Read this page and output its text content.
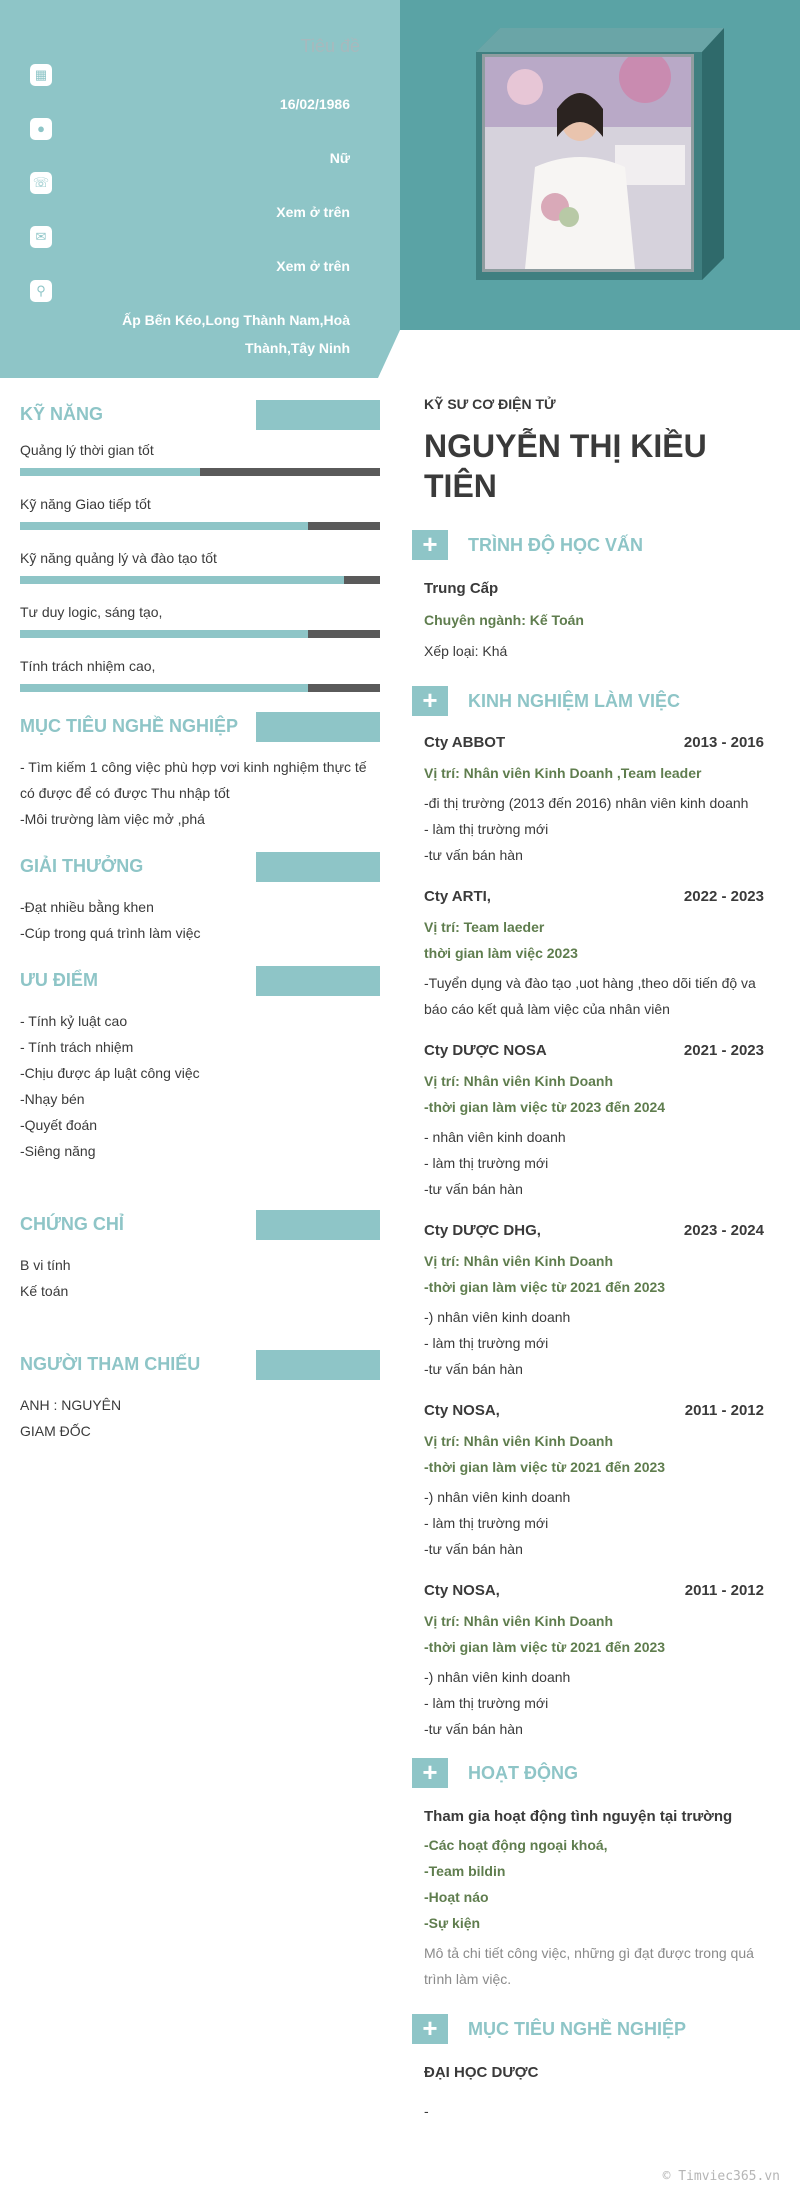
Tiêu đề
▦
16/02/1986
●
Nữ
☏
Xem ở trên
✉
Xem ở trên
⚲
Ấp Bến Kéo,Long Thành Nam,Hoà Thành,Tây Ninh
KỸ NĂNG
Quảng lý thời gian tốt
Kỹ năng Giao tiếp tốt
Kỹ năng quảng lý và đào tạo tốt
Tư duy logic, sáng tạo,
Tính trách nhiệm cao,
MỤC TIÊU NGHỀ NGHIỆP
- Tìm kiếm 1 công việc phù hợp vơi kinh nghiệm thực tế có được để có được Thu nhập tốt
-Môi trường làm việc mở ,phá
GIẢI THƯỞNG
-Đạt nhiều bằng khen
-Cúp trong quá trình làm việc
ƯU ĐIỂM
- Tính kỷ luật cao
- Tính trách nhiệm
-Chịu được áp luật công việc
-Nhạy bén
-Quyết đoán
-Siêng năng
CHỨNG CHỈ
B vi tính
Kế toán
NGƯỜI THAM CHIẾU
ANH : NGUYÊN
GIAM ĐỐC
KỸ SƯ CƠ ĐIỆN TỬ
NGUYỄN THỊ KIỀU TIÊN
+	TRÌNH ĐỘ HỌC VẤN
Trung Cấp
Chuyên ngành: Kế Toán
Xếp loại: Khá
+	KINH NGHIỆM LÀM VIỆC
Cty ABBOT	2013 - 2016
Vị trí: Nhân viên Kinh Doanh ,Team leader
-đi thị trường (2013 đến 2016) nhân viên kinh doanh
- làm thị trường mới
-tư vấn bán hàn
Cty ARTI,	2022 - 2023
Vị trí: Team laeder
thời gian làm việc 2023
-Tuyển dụng và đào tạo ,uot hàng ,theo dõi tiến độ va báo cáo kết quả làm việc của nhân viên
Cty DƯỢC NOSA	2021 - 2023
Vị trí: Nhân viên Kinh Doanh
-thời gian làm việc từ 2023 đến 2024
- nhân viên kinh doanh
- làm thị trường mới
-tư vấn bán hàn
Cty DƯỢC DHG,	2023 - 2024
Vị trí: Nhân viên Kinh Doanh
-thời gian làm việc từ 2021 đến 2023
-) nhân viên kinh doanh
- làm thị trường mới
-tư vấn bán hàn
Cty NOSA,	2011 - 2012
Vị trí: Nhân viên Kinh Doanh
-thời gian làm việc từ 2021 đến 2023
-) nhân viên kinh doanh
- làm thị trường mới
-tư vấn bán hàn
Cty NOSA,	2011 - 2012
Vị trí: Nhân viên Kinh Doanh
-thời gian làm việc từ 2021 đến 2023
-) nhân viên kinh doanh
- làm thị trường mới
-tư vấn bán hàn
+	HOẠT ĐỘNG
Tham gia hoạt động tình nguyện tại trường
-Các hoạt động ngoại khoá,
-Team bildin
-Hoạt náo
-Sự kiện
Mô tả chi tiết công việc, những gì đạt được trong quá trình làm việc.
+	MỤC TIÊU NGHỀ NGHIỆP
ĐẠI HỌC DƯỢC
-
© Timviec365.vn
